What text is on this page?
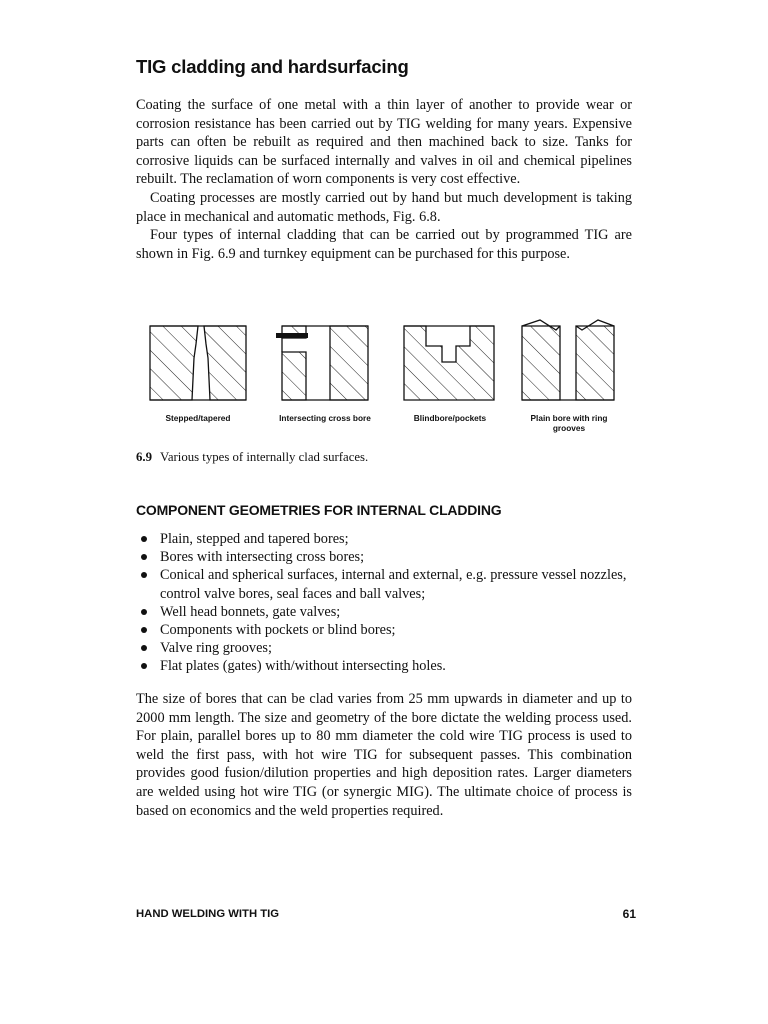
TIG cladding and hardsurfacing

Coating the surface of one metal with a thin layer of another to provide wear or corrosion resistance has been carried out by TIG welding for many years. Expensive parts can often be rebuilt as required and then machined back to size. Tanks for corrosive liquids can be surfaced internally and valves in oil and chemical pipelines rebuilt. The reclamation of worn components is very cost effective.

Coating processes are mostly carried out by hand but much development is taking place in mechanical and automatic methods, Fig. 6.8.

Four types of internal cladding that can be carried out by programmed TIG are shown in Fig. 6.9 and turnkey equipment can be purchased for this purpose.

Stepped/tapered	Intersecting cross bore	Blindbore/pockets	Plain bore with ring grooves

6.9 Various types of internally clad surfaces.

COMPONENT GEOMETRIES FOR INTERNAL CLADDING
Plain, stepped and tapered bores;
Bores with intersecting cross bores;
Conical and spherical surfaces, internal and external, e.g. pressure vessel nozzles, control valve bores, seal faces and ball valves;
Well head bonnets, gate valves;
Components with pockets or blind bores;
Valve ring grooves;
Flat plates (gates) with/without intersecting holes.

The size of bores that can be clad varies from 25 mm upwards in diameter and up to 2000 mm length. The size and geometry of the bore dictate the welding process used. For plain, parallel bores up to 80 mm diameter the cold wire TIG process is used to weld the first pass, with hot wire TIG for subsequent passes. This combination provides good fusion/dilution properties and high deposition rates. Larger diameters are welded using hot wire TIG (or synergic MIG). The ultimate choice of process is based on economics and the weld properties required.

HAND WELDING WITH TIG	61
